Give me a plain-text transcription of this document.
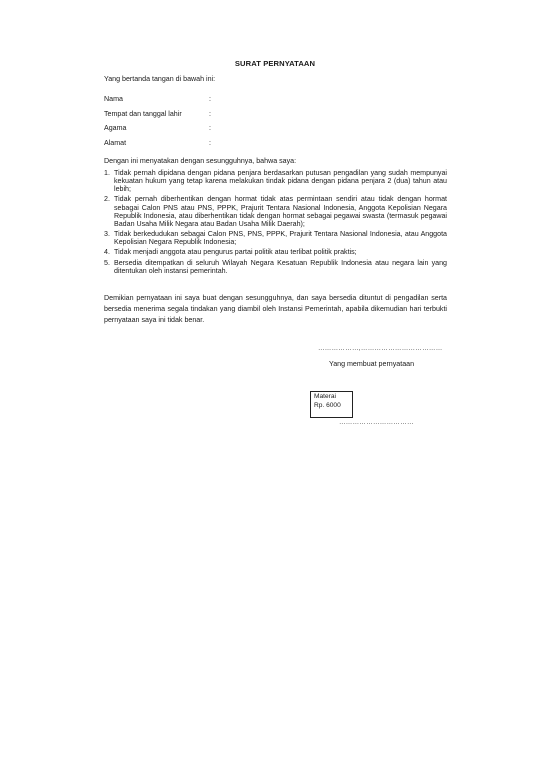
SURAT PERNYATAAN
Yang bertanda tangan di bawah ini:
Nama	:
Tempat dan tanggal lahir	:
Agama	:
Alamat	:
Dengan ini menyatakan dengan sesungguhnya, bahwa saya:
1. Tidak pernah dipidana dengan pidana penjara berdasarkan putusan pengadilan yang sudah mempunyai kekuatan hukum yang tetap karena melakukan tindak pidana dengan pidana penjara 2 (dua) tahun atau lebih;
2. Tidak pernah diberhentikan dengan hormat tidak atas permintaan sendiri atau tidak dengan hormat sebagai Calon PNS atau PNS, PPPK, Prajurit Tentara Nasional Indonesia, Anggota Kepolisian Negara Republik Indonesia, atau diberhentikan tidak dengan hormat sebagai pegawai swasta (termasuk pegawai Badan Usaha Milik Negara atau Badan Usaha Milik Daerah);
3. Tidak berkedudukan sebagai Calon PNS, PNS, PPPK, Prajurit Tentara Nasional Indonesia, atau Anggota Kepolisian Negara Republik Indonesia;
4. Tidak menjadi anggota atau pengurus partai politik atau terlibat politik praktis;
5. Bersedia ditempatkan di seluruh Wilayah Negara Kesatuan Republik Indonesia atau negara lain yang ditentukan oleh instansi pemerintah.
Demikian pernyataan ini saya buat dengan sesungguhnya, dan saya bersedia dituntut di pengadilan serta bersedia menerima segala tindakan yang diambil oleh Instansi Pemerintah, apabila dikemudian hari terbukti pernyataan saya ini tidak benar.
………………,………………………………
Yang membuat pernyataan
Materai
Rp. 6000
……………………………
